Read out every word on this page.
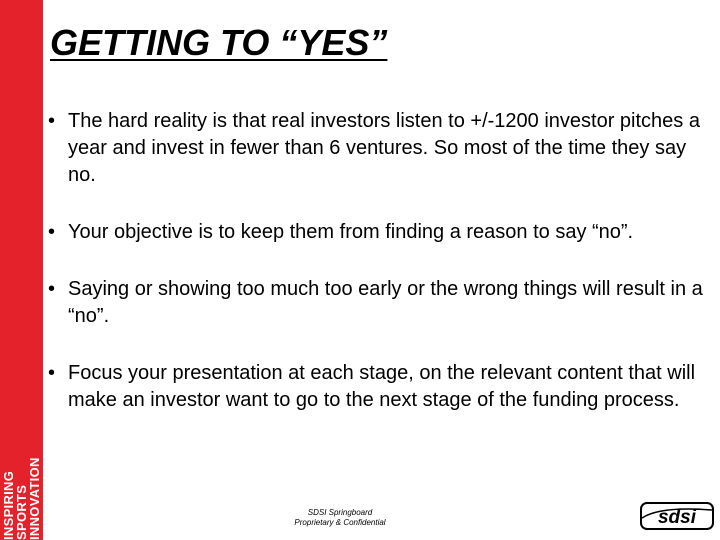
INSPIRING
SPORTS
INNOVATION
GETTING TO “YES”
• The hard reality is that real investors listen to +/-1200 investor pitches a year and invest in fewer than 6 ventures. So most of the time they say no.
• Your objective is to keep them from finding a reason to say “no”.
• Saying or showing too much too early or the wrong things will result in a “no”.
• Focus your presentation at each stage, on the relevant content that will make an investor want to go to the next stage of the funding process.
SDSI Springboard
Proprietary & Confidential	sdsi
